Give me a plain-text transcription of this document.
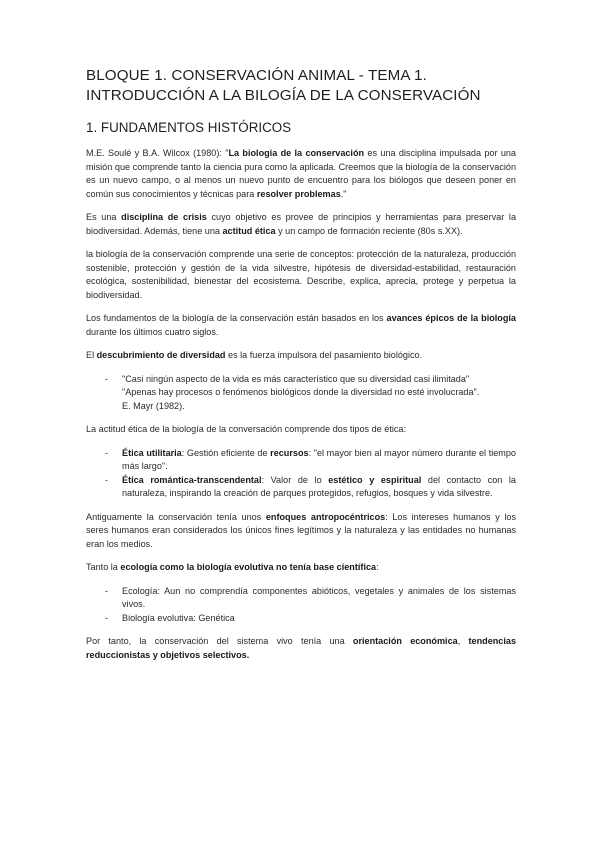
BLOQUE 1. CONSERVACIÓN ANIMAL - TEMA 1. INTRODUCCIÓN A LA BILOGÍA DE LA CONSERVACIÓN
1. FUNDAMENTOS HISTÓRICOS

M.E. Soulé y B.A. Wilcox (1980): "La biología de la conservación es una disciplina impulsada por una misión que comprende tanto la ciencia pura como la aplicada. Creemos que la biología de la conservación es un nuevo campo, o al menos un nuevo punto de encuentro para los biólogos que deseen poner en común sus conocimientos y técnicas para resolver problemas."

Es una disciplina de crisis cuyo objetivo es provee de principios y herramientas para preservar la biodiversidad. Además, tiene una actitud ética y un campo de formación reciente (80s s.XX).

la biología de la conservación comprende una serie de conceptos: protección de la naturaleza, producción sostenible, protección y gestión de la vida silvestre, hipótesis de diversidad-estabilidad, restauración ecológica, sostenibilidad, bienestar del ecosistema. Describe, explica, aprecia, protege y perpetua la biodiversidad.

Los fundamentos de la biología de la conservación están basados en los avances épicos de la biología durante los últimos cuatro siglos.

El descubrimiento de diversidad es la fuerza impulsora del pasamiento biológico.

- "Casi ningún aspecto de la vida es más característico que su diversidad casi ilimitada"
"Apenas hay procesos o fenómenos biológicos donde la diversidad no esté involucrada".
E. Mayr (1982).

La actitud ética de la biología de la conversación comprende dos tipos de ética:

- Ética utilitaria: Gestión eficiente de recursos: "el mayor bien al mayor número durante el tiempo más largo".
- Ética romántica-transcendental: Valor de lo estético y espiritual del contacto con la naturaleza, inspirando la creación de parques protegidos, refugios, bosques y vida silvestre.

Antiguamente la conservación tenía unos enfoques antropocéntricos: Los intereses humanos y los seres humanos eran considerados los únicos fines legítimos y la naturaleza y las entidades no humanas eran los medios.

Tanto la ecología como la biología evolutiva no tenía base científica:

- Ecología: Aun no comprendía componentes abióticos, vegetales y animales de los sistemas vivos.
- Biología evolutiva: Genética

Por tanto, la conservación del sistema vivo tenía una orientación económica, tendencias reduccionistas y objetivos selectivos.
